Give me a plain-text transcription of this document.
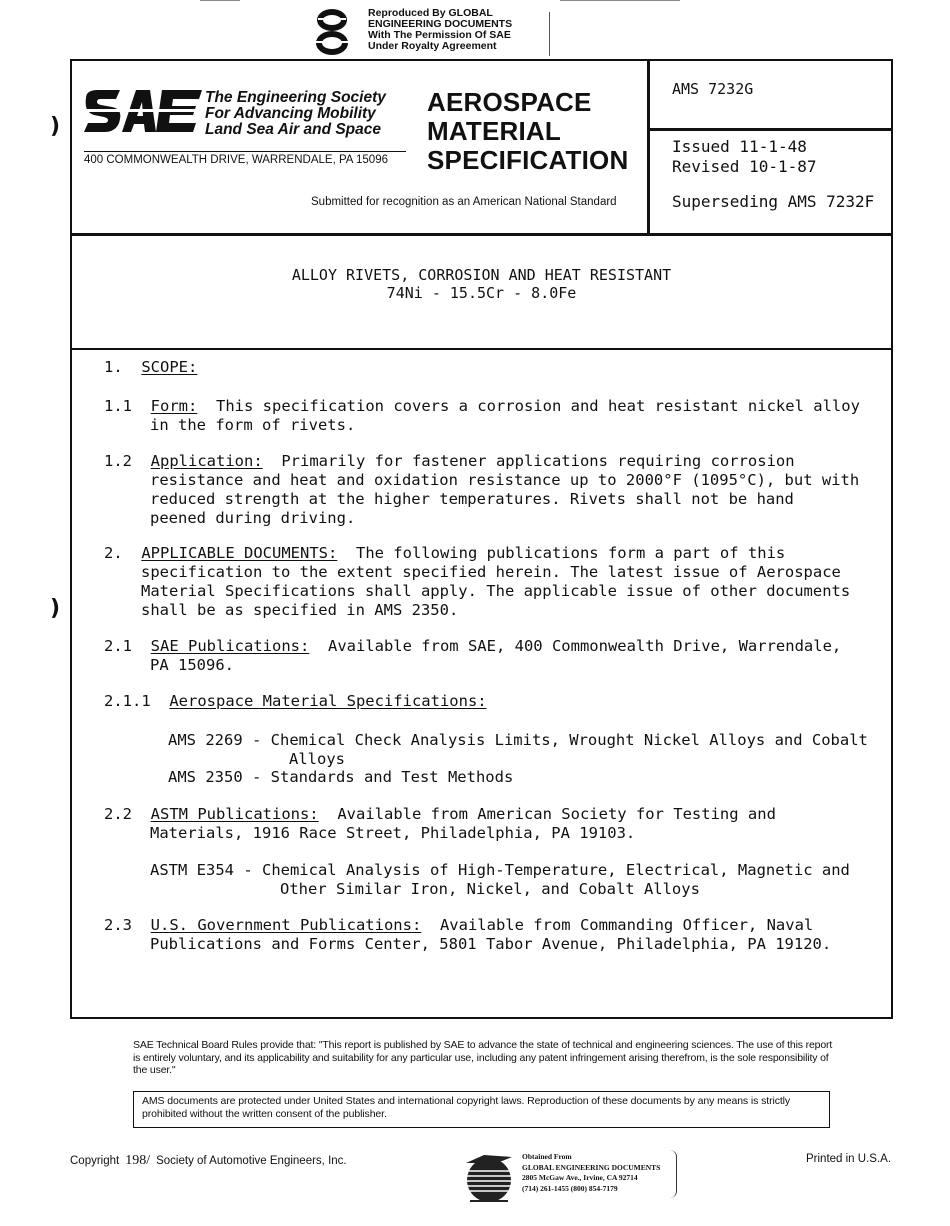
Reproduced By GLOBAL
ENGINEERING DOCUMENTS
With The Permission Of SAE
Under Royalty Agreement
The Engineering Society
For Advancing Mobility
Land Sea Air and Space
400 COMMONWEALTH DRIVE, WARRENDALE, PA 15096
AEROSPACE
MATERIAL
SPECIFICATION
Submitted for recognition as an American National Standard
AMS 7232G
Issued 11-1-48
Revised 10-1-87
Superseding AMS 7232F
ALLOY RIVETS, CORROSION AND HEAT RESISTANT
74Ni - 15.5Cr - 8.0Fe
)
)
1. SCOPE:
1.1 Form: This specification covers a corrosion and heat resistant nickel alloy
in the form of rivets.
1.2 Application: Primarily for fastener applications requiring corrosion
resistance and heat and oxidation resistance up to 2000°F (1095°C), but with
reduced strength at the higher temperatures. Rivets shall not be hand
peened during driving.
2. APPLICABLE DOCUMENTS: The following publications form a part of this
specification to the extent specified herein. The latest issue of Aerospace
Material Specifications shall apply. The applicable issue of other documents
shall be as specified in AMS 2350.
2.1 SAE Publications: Available from SAE, 400 Commonwealth Drive, Warrendale,
PA 15096.
2.1.1 Aerospace Material Specifications:
AMS 2269 - Chemical Check Analysis Limits, Wrought Nickel Alloys and Cobalt
Alloys
AMS 2350 - Standards and Test Methods
2.2 ASTM Publications: Available from American Society for Testing and
Materials, 1916 Race Street, Philadelphia, PA 19103.
ASTM E354 - Chemical Analysis of High-Temperature, Electrical, Magnetic and
Other Similar Iron, Nickel, and Cobalt Alloys
2.3 U.S. Government Publications: Available from Commanding Officer, Naval
Publications and Forms Center, 5801 Tabor Avenue, Philadelphia, PA 19120.
SAE Technical Board Rules provide that: "This report is published by SAE to advance the state of technical and engineering sciences. The use of this report is entirely voluntary, and its applicability and suitability for any particular use, including any patent infringement arising therefrom, is the sole responsibility of the user."
AMS documents are protected under United States and international copyright laws. Reproduction of these documents by any means is strictly prohibited without the written consent of the publisher.
Copyright 198/ Society of Automotive Engineers, Inc.	Obtained From
GLOBAL ENGINEERING DOCUMENTS
2805 McGaw Ave., Irvine, CA 92714
(714) 261-1455 (800) 854-7179
Printed in U.S.A.
